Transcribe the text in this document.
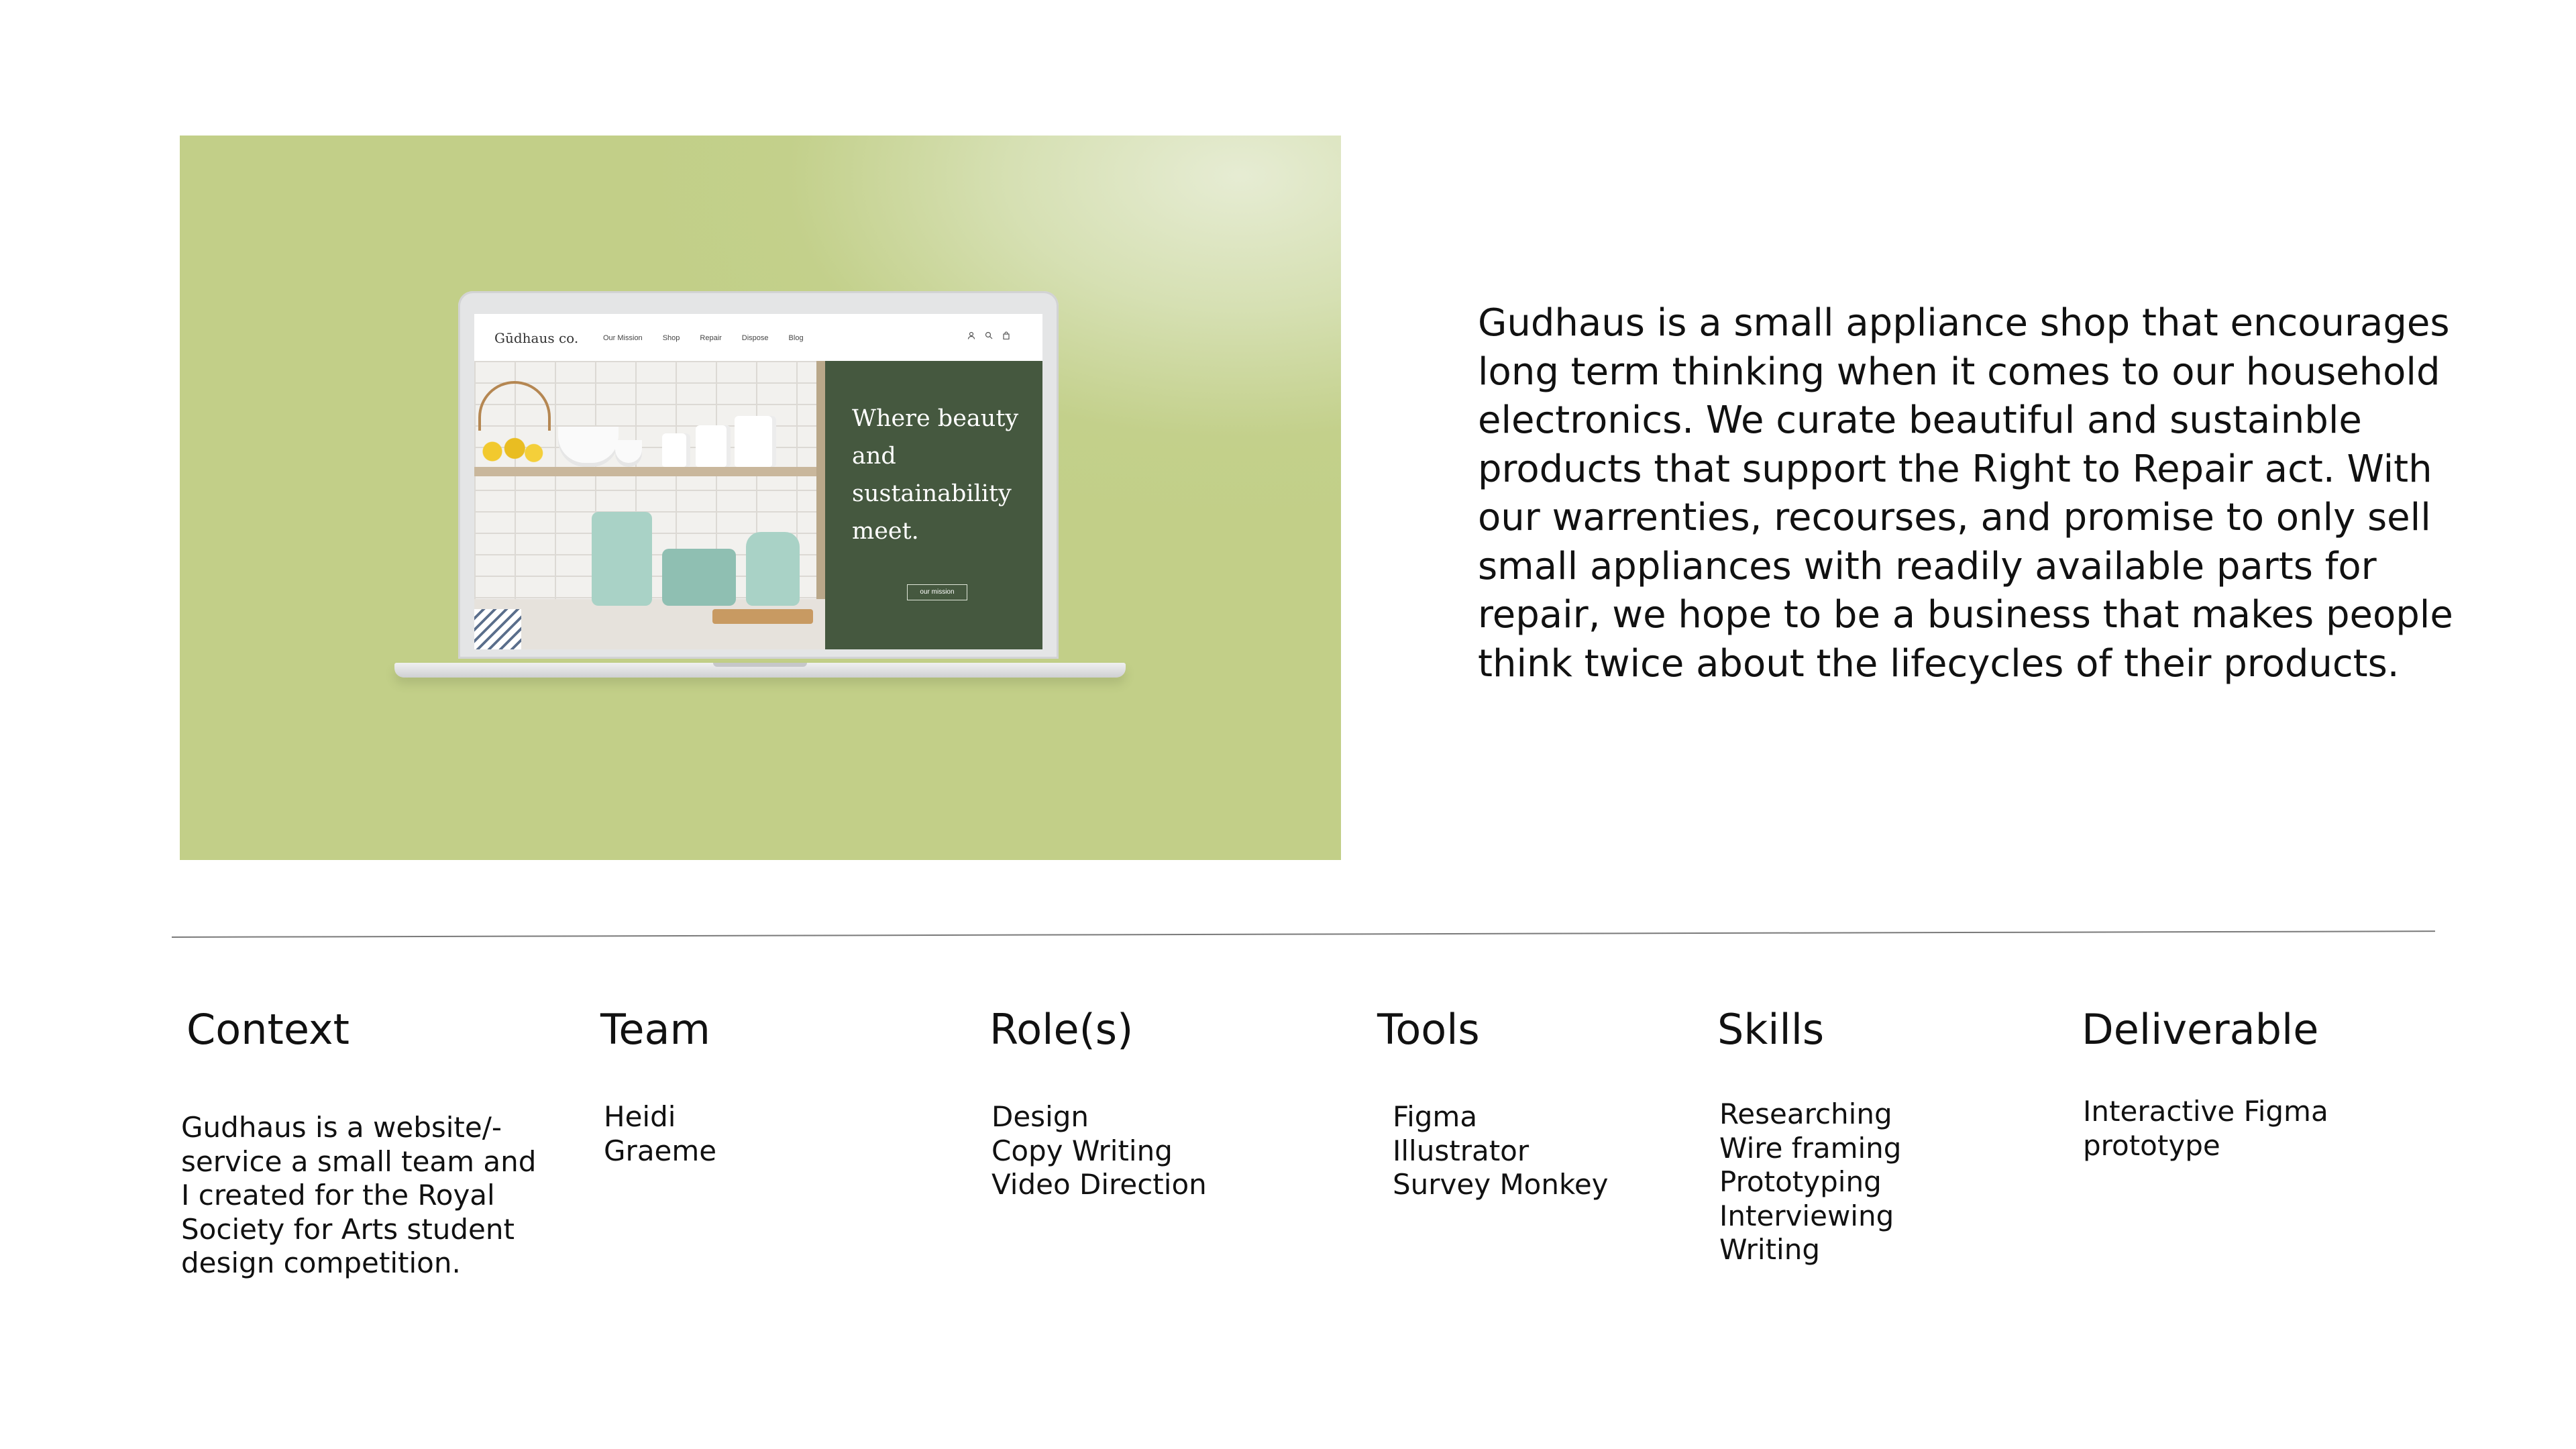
Gūdhaus co.	Our Mission	Shop	Repair	Dispose	Blog
Where beauty and sustainability meet.
our mission

Gudhaus is a small appliance shop that encourages long term thinking when it comes to our household electronics. We curate beautiful and sustainble products that support the Right to Repair act. With our warrenties, recourses, and promise to only sell small appliances with readily available parts for repair, we hope to be a business that makes people think twice about the lifecycles of their products.

Context

Gudhaus is a website/-service a small team and I created for the Royal Society for Arts student design competition.

Team
Heidi
Graeme
Role(s)
Design
Copy Writing
Video Direction
Tools
Figma
Illustrator
Survey Monkey
Skills
Researching
Wire framing
Prototyping
Interviewing
Writing
Deliverable
Interactive Figma
prototype
